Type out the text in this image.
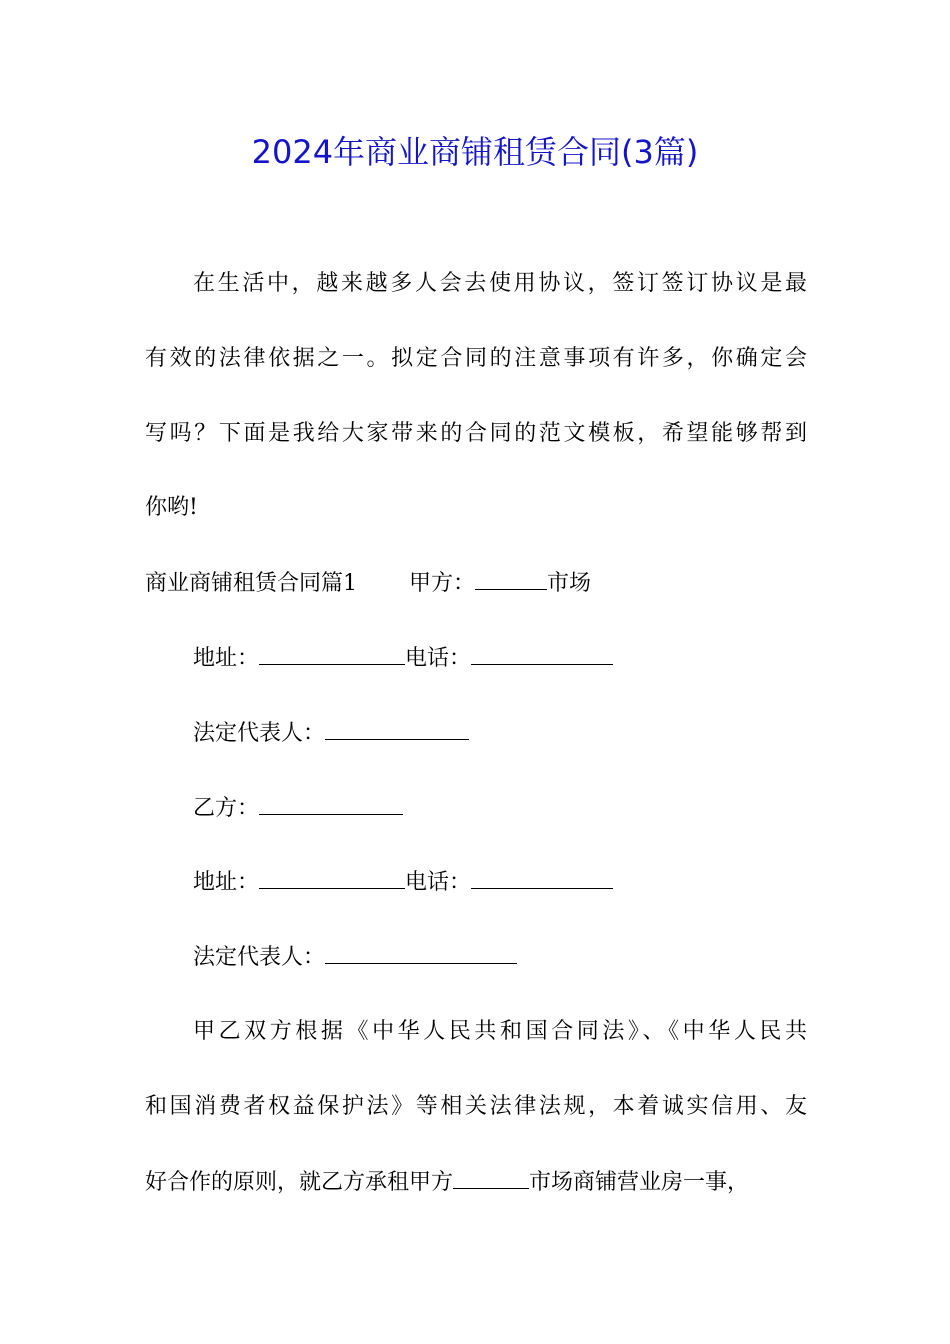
2024年商业商铺租赁合同(3篇)
在生活中，越来越多人会去使用协议，签订签订协议是最
有效的法律依据之一。拟定合同的注意事项有许多，你确定会
写吗？下面是我给大家带来的合同的范文模板，希望能够帮到
你哟!
商业商铺租赁合同篇1 甲方：	市场
地址：	电话：
法定代表人：
乙方：
地址：	电话：
法定代表人：
甲乙双方根据《中华人民共和国合同法》、《中华人民共
和国消费者权益保护法》等相关法律法规，本着诚实信用、友
好合作的原则，就乙方承租甲方	市场商铺营业房一事，
